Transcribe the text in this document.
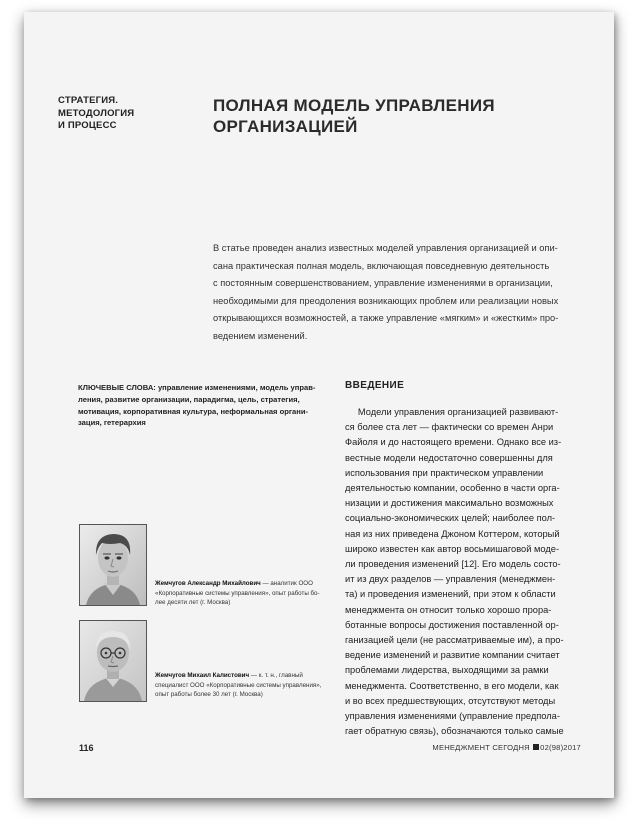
СТРАТЕГИЯ.
МЕТОДОЛОГИЯ
И ПРОЦЕСС
ПОЛНАЯ МОДЕЛЬ УПРАВЛЕНИЯ
ОРГАНИЗАЦИЕЙ
В статье проведен анализ известных моделей управления организацией и опи-
сана практическая полная модель, включающая повседневную деятельность
с постоянным совершенствованием, управление изменениями в организации,
необходимыми для преодоления возникающих проблем или реализации новых
открывающихся возможностей, а также управление «мягким» и «жестким» про-
ведением изменений.
КЛЮЧЕВЫЕ СЛОВА: управление изменениями, модель управ-
ления, развитие организации, парадигма, цель, стратегия,
мотивация, корпоративная культура, неформальная органи-
зация, гетерархия
ВВЕДЕНИЕ
Модели управления организацией развивают-
ся более ста лет — фактически со времен Анри
Файоля и до настоящего времени. Однако все из-
вестные модели недостаточно совершенны для
использования при практическом управлении
деятельностью компании, особенно в части орга-
низации и достижения максимально возможных
социально-экономических целей; наиболее пол-
ная из них приведена Джоном Коттером, который
широко известен как автор восьмишаговой моде-
ли проведения изменений [12]. Его модель состо-
ит из двух разделов — управления (менеджмен-
та) и проведения изменений, при этом к области
менеджмента он относит только хорошо прора-
ботанные вопросы достижения поставленной ор-
ганизацией цели (не рассматриваемые им), а про-
ведение изменений и развитие компании считает
проблемами лидерства, выходящими за рамки
менеджмента. Соответственно, в его модели, как
и во всех предшествующих, отсутствуют методы
управления изменениями (управление предпола-
гает обратную связь), обозначаются только самые
Жемчугов Александр Михайлович — аналитик ООО
«Корпоративные системы управления», опыт работы бо-
лее десяти лет (г. Москва)
Жемчугов Михаил Калистович — к. т. н., главный
специалист ООО «Корпоративные системы управления»,
опыт работы более 30 лет (г. Москва)
116	МЕНЕДЖМЕНТ СЕГОДНЯ 02(98)2017
